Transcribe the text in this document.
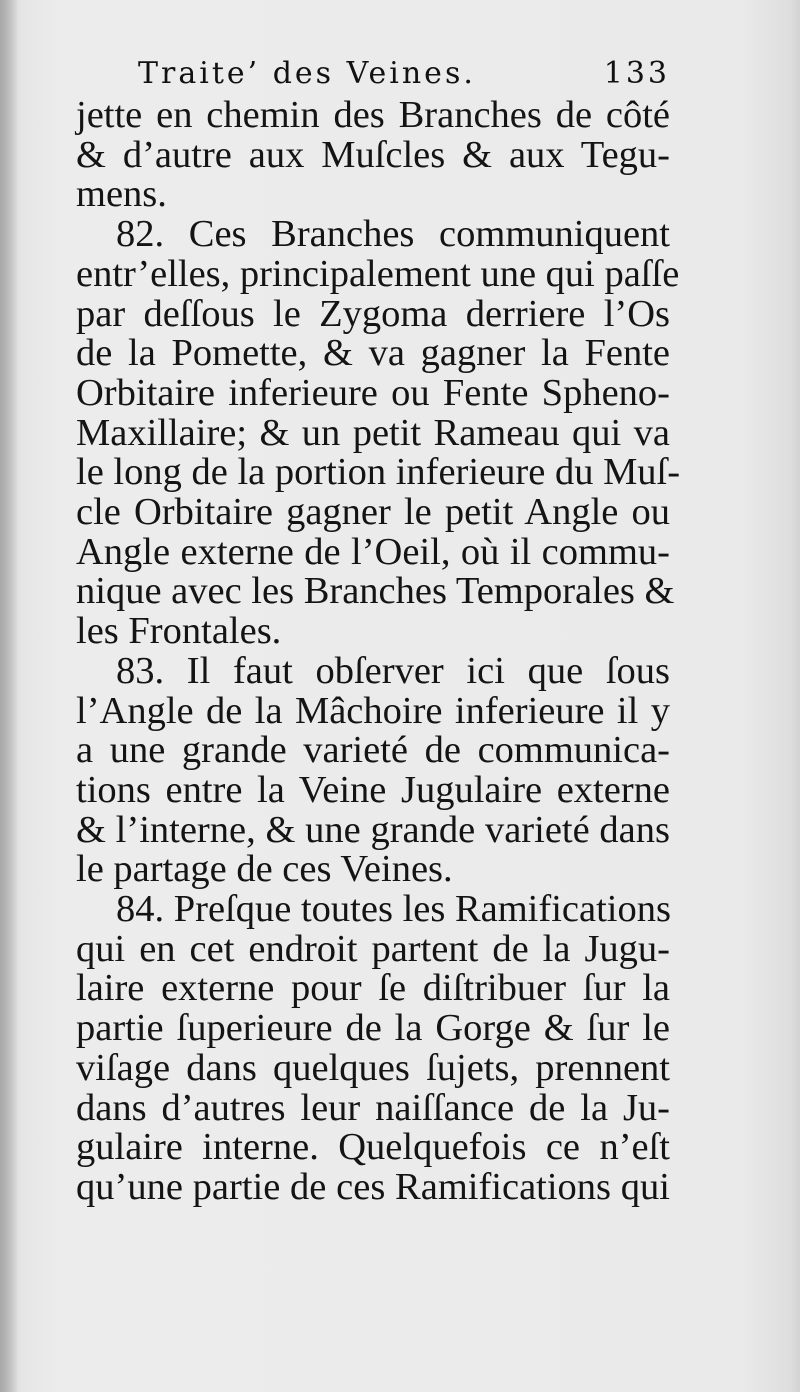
Traite’ des Veines.	133
jette en chemin des Branches de côté
& d’autre aux Muſcles & aux Tegu-
mens.
82. Ces Branches communiquent
entr’elles, principalement une qui paſſe
par deſſous le Zygoma derriere l’Os
de la Pomette, & va gagner la Fente
Orbitaire inferieure ou Fente Spheno-
Maxillaire; & un petit Rameau qui va
le long de la portion inferieure du Muſ-
cle Orbitaire gagner le petit Angle ou
Angle externe de l’Oeil, où il commu-
nique avec les Branches Temporales &
les Frontales.
83. Il faut obſerver ici que ſous
l’Angle de la Mâchoire inferieure il y
a une grande varieté de communica-
tions entre la Veine Jugulaire externe
& l’interne, & une grande varieté dans
le partage de ces Veines.
84. Preſque toutes les Ramifications
qui en cet endroit partent de la Jugu-
laire externe pour ſe diſtribuer ſur la
partie ſuperieure de la Gorge & ſur le
viſage dans quelques ſujets, prennent
dans d’autres leur naiſſance de la Ju-
gulaire interne. Quelquefois ce n’eſt
qu’une partie de ces Ramifications qui
